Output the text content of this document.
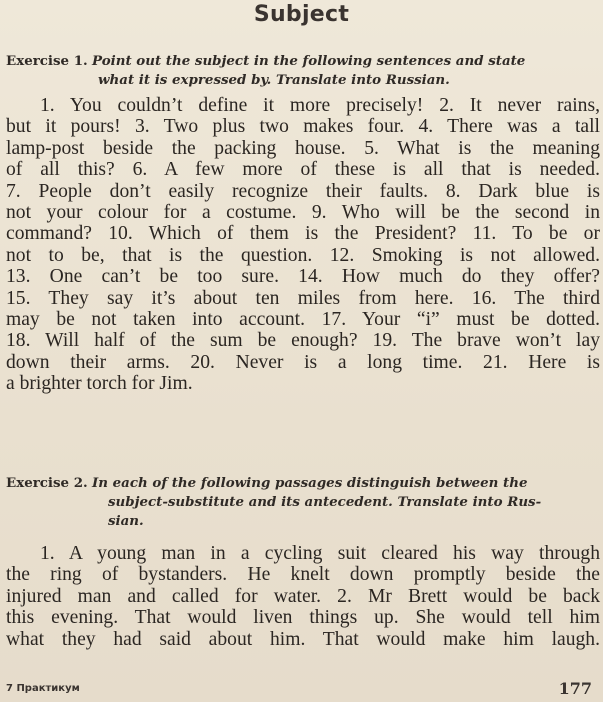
Subject
Exercise 1. Point out the subject in the following sentences and state
what it is expressed by. Translate into Russian.
1. You couldn’t define it more precisely! 2. It never rains,
but it pours! 3. Two plus two makes four. 4. There was a tall
lamp-post beside the packing house. 5. What is the meaning
of all this? 6. A few more of these is all that is needed.
7. People don’t easily recognize their faults. 8. Dark blue is
not your colour for a costume. 9. Who will be the second in
command? 10. Which of them is the President? 11. To be or
not to be, that is the question. 12. Smoking is not allowed.
13. One can’t be too sure. 14. How much do they offer?
15. They say it’s about ten miles from here. 16. The third
may be not taken into account. 17. Your “i” must be dotted.
18. Will half of the sum be enough? 19. The brave won’t lay
down their arms. 20. Never is a long time. 21. Here is
a brighter torch for Jim.
Exercise 2. In each of the following passages distinguish between the
subject-substitute and its antecedent. Translate into Rus-
sian.
1. A young man in a cycling suit cleared his way through
the ring of bystanders. He knelt down promptly beside the
injured man and called for water. 2. Mr Brett would be back
this evening. That would liven things up. She would tell him
what they had said about him. That would make him laugh.
7 Практикум	177
